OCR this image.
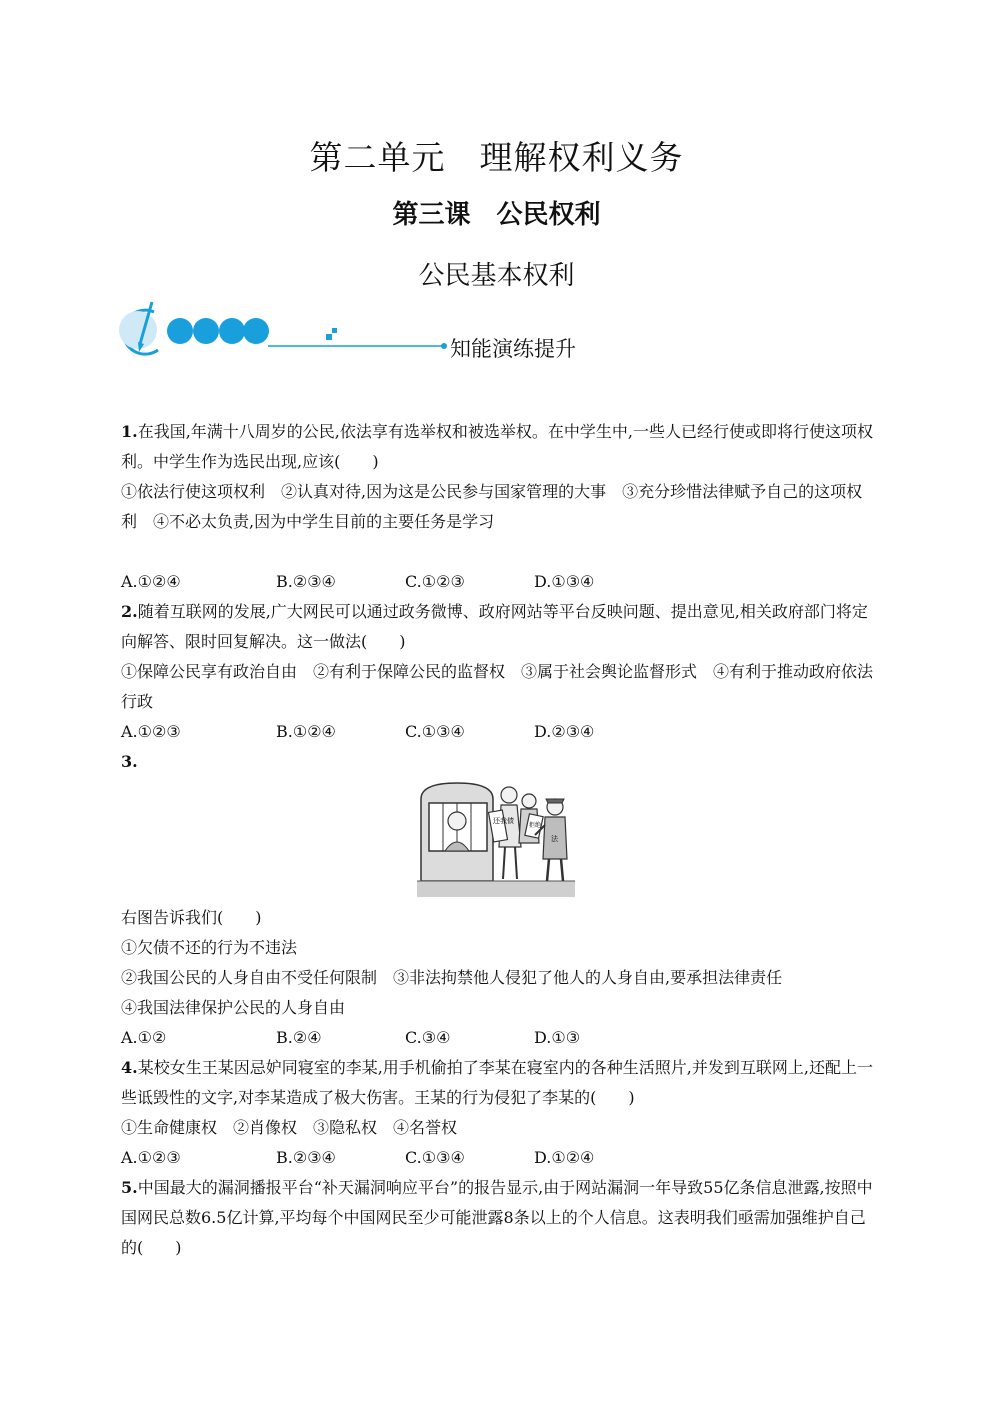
第二单元　理解权利义务
第三课　公民权利
公民基本权利
知能演练提升

1.在我国,年满十八周岁的公民,依法享有选举权和被选举权。在中学生中,一些人已经行使或即将行使这项权利。中学生作为选民出现,应该(　　)

①依法行使这项权利　②认真对待,因为这是公民参与国家管理的大事　③充分珍惜法律赋予自己的这项权利　④不必太负责,因为中学生目前的主要任务是学习

A.①②④	B.②③④	C.①②③	D.①③④

2.随着互联网的发展,广大网民可以通过政务微博、政府网站等平台反映问题、提出意见,相关政府部门将定向解答、限时回复解决。这一做法(　　)

①保障公民享有政治自由　②有利于保障公民的监督权　③属于社会舆论监督形式　④有利于推动政府依法行政

A.①②③	B.①②④	C.①③④	D.②③④

3.

还我债
拒绝
法

右图告诉我们(　　)

①欠债不还的行为不违法

②我国公民的人身自由不受任何限制　③非法拘禁他人侵犯了他人的人身自由,要承担法律责任

④我国法律保护公民的人身自由

A.①②	B.②④	C.③④	D.①③

4.某校女生王某因忌妒同寝室的李某,用手机偷拍了李某在寝室内的各种生活照片,并发到互联网上,还配上一些诋毁性的文字,对李某造成了极大伤害。王某的行为侵犯了李某的(　　)

①生命健康权　②肖像权　③隐私权　④名誉权

A.①②③	B.②③④	C.①③④	D.①②④

5.中国最大的漏洞播报平台“补天漏洞响应平台”的报告显示,由于网站漏洞一年导致55亿条信息泄露,按照中国网民总数6.5亿计算,平均每个中国网民至少可能泄露8条以上的个人信息。这表明我们亟需加强维护自己的(　　)
